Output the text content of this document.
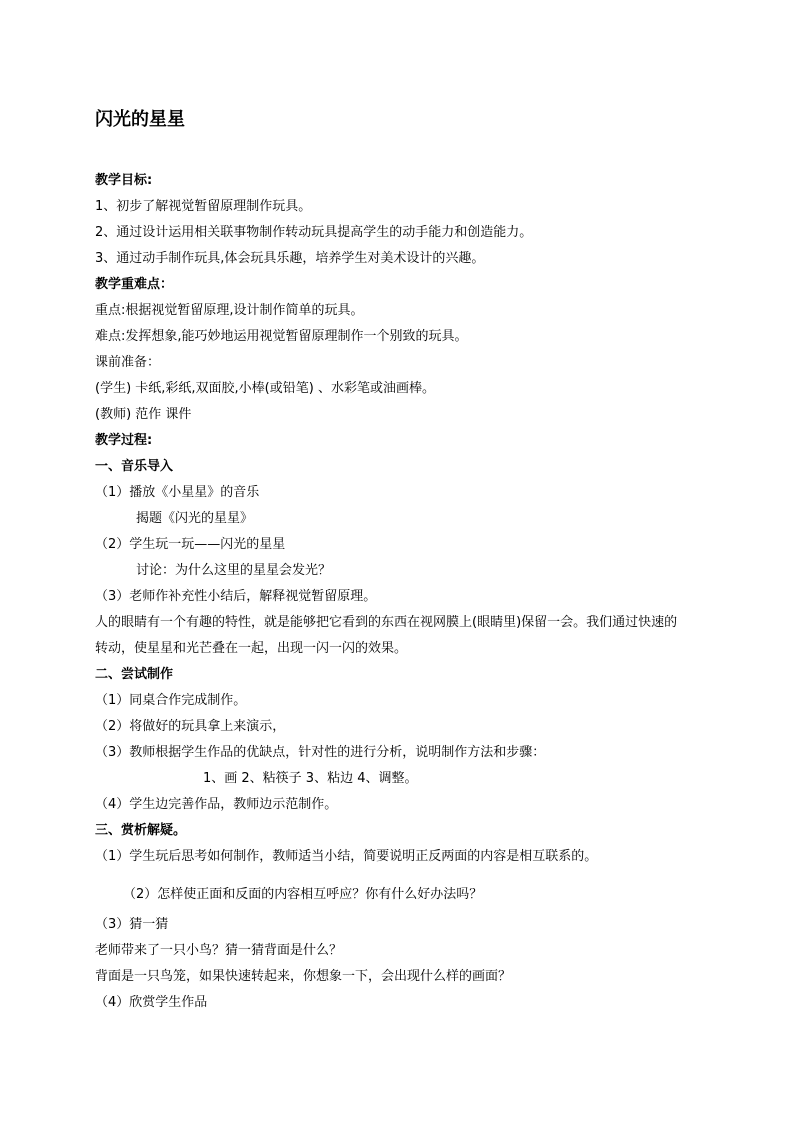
闪光的星星
教学目标:
1、初步了解视觉暂留原理制作玩具。
2、通过设计运用相关联事物制作转动玩具提高学生的动手能力和创造能力。
3、通过动手制作玩具,体会玩具乐趣，培养学生对美术设计的兴趣。
教学重难点：
重点:根据视觉暂留原理,设计制作简单的玩具。
难点:发挥想象,能巧妙地运用视觉暂留原理制作一个别致的玩具。
课前准备：
(学生) 卡纸,彩纸,双面胶,小棒(或铅笔) 、水彩笔或油画棒。
(教师) 范作 课件
教学过程:
一、音乐导入
（1）播放《小星星》的音乐
揭题《闪光的星星》
（2）学生玩一玩——闪光的星星
讨论：为什么这里的星星会发光？
（3）老师作补充性小结后，解释视觉暂留原理。
人的眼睛有一个有趣的特性，就是能够把它看到的东西在视网膜上(眼睛里)保留一会。我们通过快速的
转动，使星星和光芒叠在一起，出现一闪一闪的效果。
二、尝试制作
（1）同桌合作完成制作。
（2）将做好的玩具拿上来演示，
（3）教师根据学生作品的优缺点，针对性的进行分析，说明制作方法和步骤：
1、画 2、粘筷子 3、粘边 4、调整。
（4）学生边完善作品，教师边示范制作。
三、赏析解疑。
（1）学生玩后思考如何制作，教师适当小结，简要说明正反两面的内容是相互联系的。
（2）怎样使正面和反面的内容相互呼应？你有什么好办法吗？
（3）猜一猜
老师带来了一只小鸟？猜一猜背面是什么？
背面是一只鸟笼，如果快速转起来，你想象一下，会出现什么样的画面？
（4）欣赏学生作品
